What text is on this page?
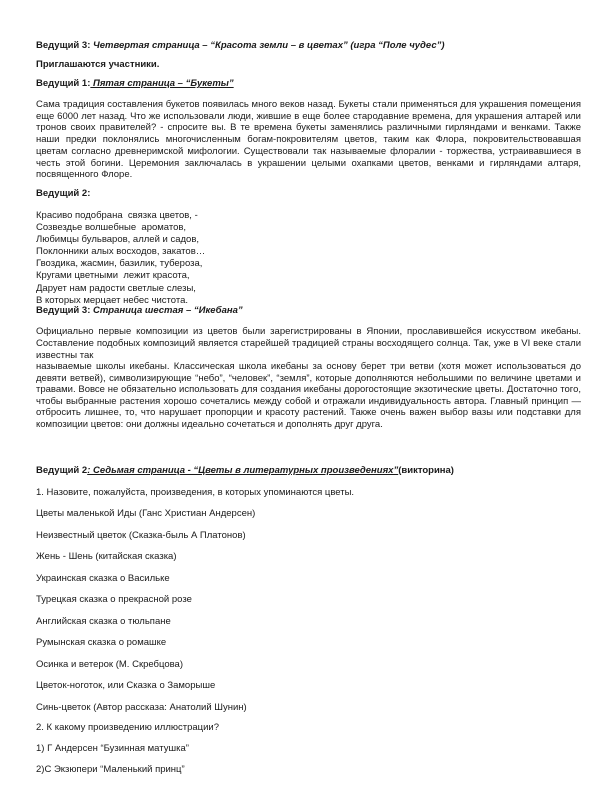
Ведущий 3: Четвертая страница – “Красота земли – в цветах” (игра “Поле чудес”)

Приглашаются участники.

Ведущий 1: Пятая страница – “Букеты”

Сама традиция составления букетов появилась много веков назад. Букеты стали применяться для украшения помещения еще 6000 лет назад. Что же использовали люди, жившие в еще более стародавние времена, для украшения алтарей или тронов своих правителей? - спросите вы. В те времена букеты заменялись различными гирляндами и венками. Также наши предки поклонялись многочисленным богам-покровителям цветов, таким как Флора, покровительствовавшая цветам согласно древнеримской мифологии. Существовали так называемые флоралии - торжества, устраивавшиеся в честь этой богини. Церемония заключалась в украшении целыми охапками цветов, венками и гирляндами алтаря, посвященного Флоре.

Ведущий 2:

Красиво подобрана  связка цветов, -
Созвездье волшебные  ароматов,
Любимцы бульваров, аллей и садов,
Поклонники алых восходов, закатов…
Гвоздика, жасмин, базилик, тубероза,
Кругами цветными  лежит красота,
Дарует нам радости светлые слезы,
В которых мерцает небес чистота.

Ведущий 3: Страница шестая – “Икебана”

Официально первые композиции из цветов были зарегистрированы в Японии, прославившейся искусством икебаны. Составление подобных композиций является старейшей традицией страны восходящего солнца. Так, уже в VI веке стали известны так

называемые школы икебаны. Классическая школа икебаны за основу берет три ветви (хотя может использоваться до девяти ветвей), символизирующие “небо”, “человек”, “земля”, которые дополняются небольшими по величине цветами и травами. Вовсе не обязательно использовать для создания икебаны дорогостоящие экзотические цветы. Достаточно того, чтобы выбранные растения хорошо сочетались между собой и отражали индивидуальность автора. Главный принцип — отбросить лишнее, то, что нарушает пропорции и красоту растений. Также очень важен выбор вазы или подставки для композиции цветов: они должны идеально сочетаться и дополнять друг друга.

Ведущий 2: Седьмая страница - “Цветы в литературных произведениях”(викторина)

1. Назовите, пожалуйста, произведения, в которых упоминаются цветы.

Цветы маленькой Иды (Ганс Христиан Андерсен)

Неизвестный цветок (Сказка-быль А Платонов)

Жень - Шень (китайская сказка)

Украинская сказка о Васильке

Турецкая сказка о прекрасной розе

Английская сказка о тюльпане

Румынская сказка о ромашке

Осинка и ветерок (М. Скребцова)

Цветок-ноготок, или Сказка о Заморыше

Синь-цветок (Автор рассказа: Анатолий Шунин)

2. К какому произведению иллюстрации?

1) Г Андерсен “Бузинная матушка”

2)С Экзюпери “Маленький принц”
